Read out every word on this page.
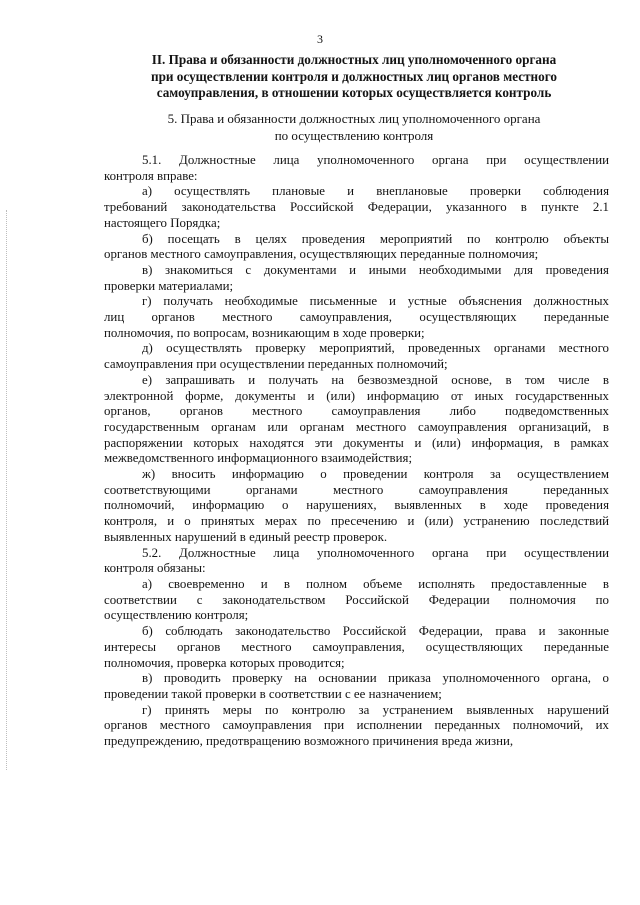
3
II. Права и обязанности должностных лиц уполномоченного органа
при осуществлении контроля и должностных лиц органов местного
самоуправления, в отношении которых осуществляется контроль
5. Права и обязанности должностных лиц уполномоченного органа
по осуществлению контроля

5.1. Должностные лица уполномоченного органа при осуществлении
контроля вправе:

а) осуществлять плановые и внеплановые проверки соблюдения
требований законодательства Российской Федерации, указанного в пункте 2.1
настоящего Порядка;

б) посещать в целях проведения мероприятий по контролю объекты
органов местного самоуправления, осуществляющих переданные полномочия;

в) знакомиться с документами и иными необходимыми для проведения
проверки материалами;

г) получать необходимые письменные и устные объяснения должностных
лиц органов местного самоуправления, осуществляющих переданные
полномочия, по вопросам, возникающим в ходе проверки;

д) осуществлять проверку мероприятий, проведенных органами местного
самоуправления при осуществлении переданных полномочий;

е) запрашивать и получать на безвозмездной основе, в том числе в
электронной форме, документы и (или) информацию от иных государственных
органов, органов местного самоуправления либо подведомственных
государственным органам или органам местного самоуправления организаций, в
распоряжении которых находятся эти документы и (или) информация, в рамках
межведомственного информационного взаимодействия;

ж) вносить информацию о проведении контроля за осуществлением
соответствующими органами местного самоуправления переданных
полномочий, информацию о нарушениях, выявленных в ходе проведения
контроля, и о принятых мерах по пресечению и (или) устранению последствий
выявленных нарушений в единый реестр проверок.

5.2. Должностные лица уполномоченного органа при осуществлении
контроля обязаны:

а) своевременно и в полном объеме исполнять предоставленные в
соответствии с законодательством Российской Федерации полномочия по
осуществлению контроля;

б) соблюдать законодательство Российской Федерации, права и законные
интересы органов местного самоуправления, осуществляющих переданные
полномочия, проверка которых проводится;

в) проводить проверку на основании приказа уполномоченного органа, о
проведении такой проверки в соответствии с ее назначением;

г) принять меры по контролю за устранением выявленных нарушений
органов местного самоуправления при исполнении переданных полномочий, их
предупреждению, предотвращению возможного причинения вреда жизни,
